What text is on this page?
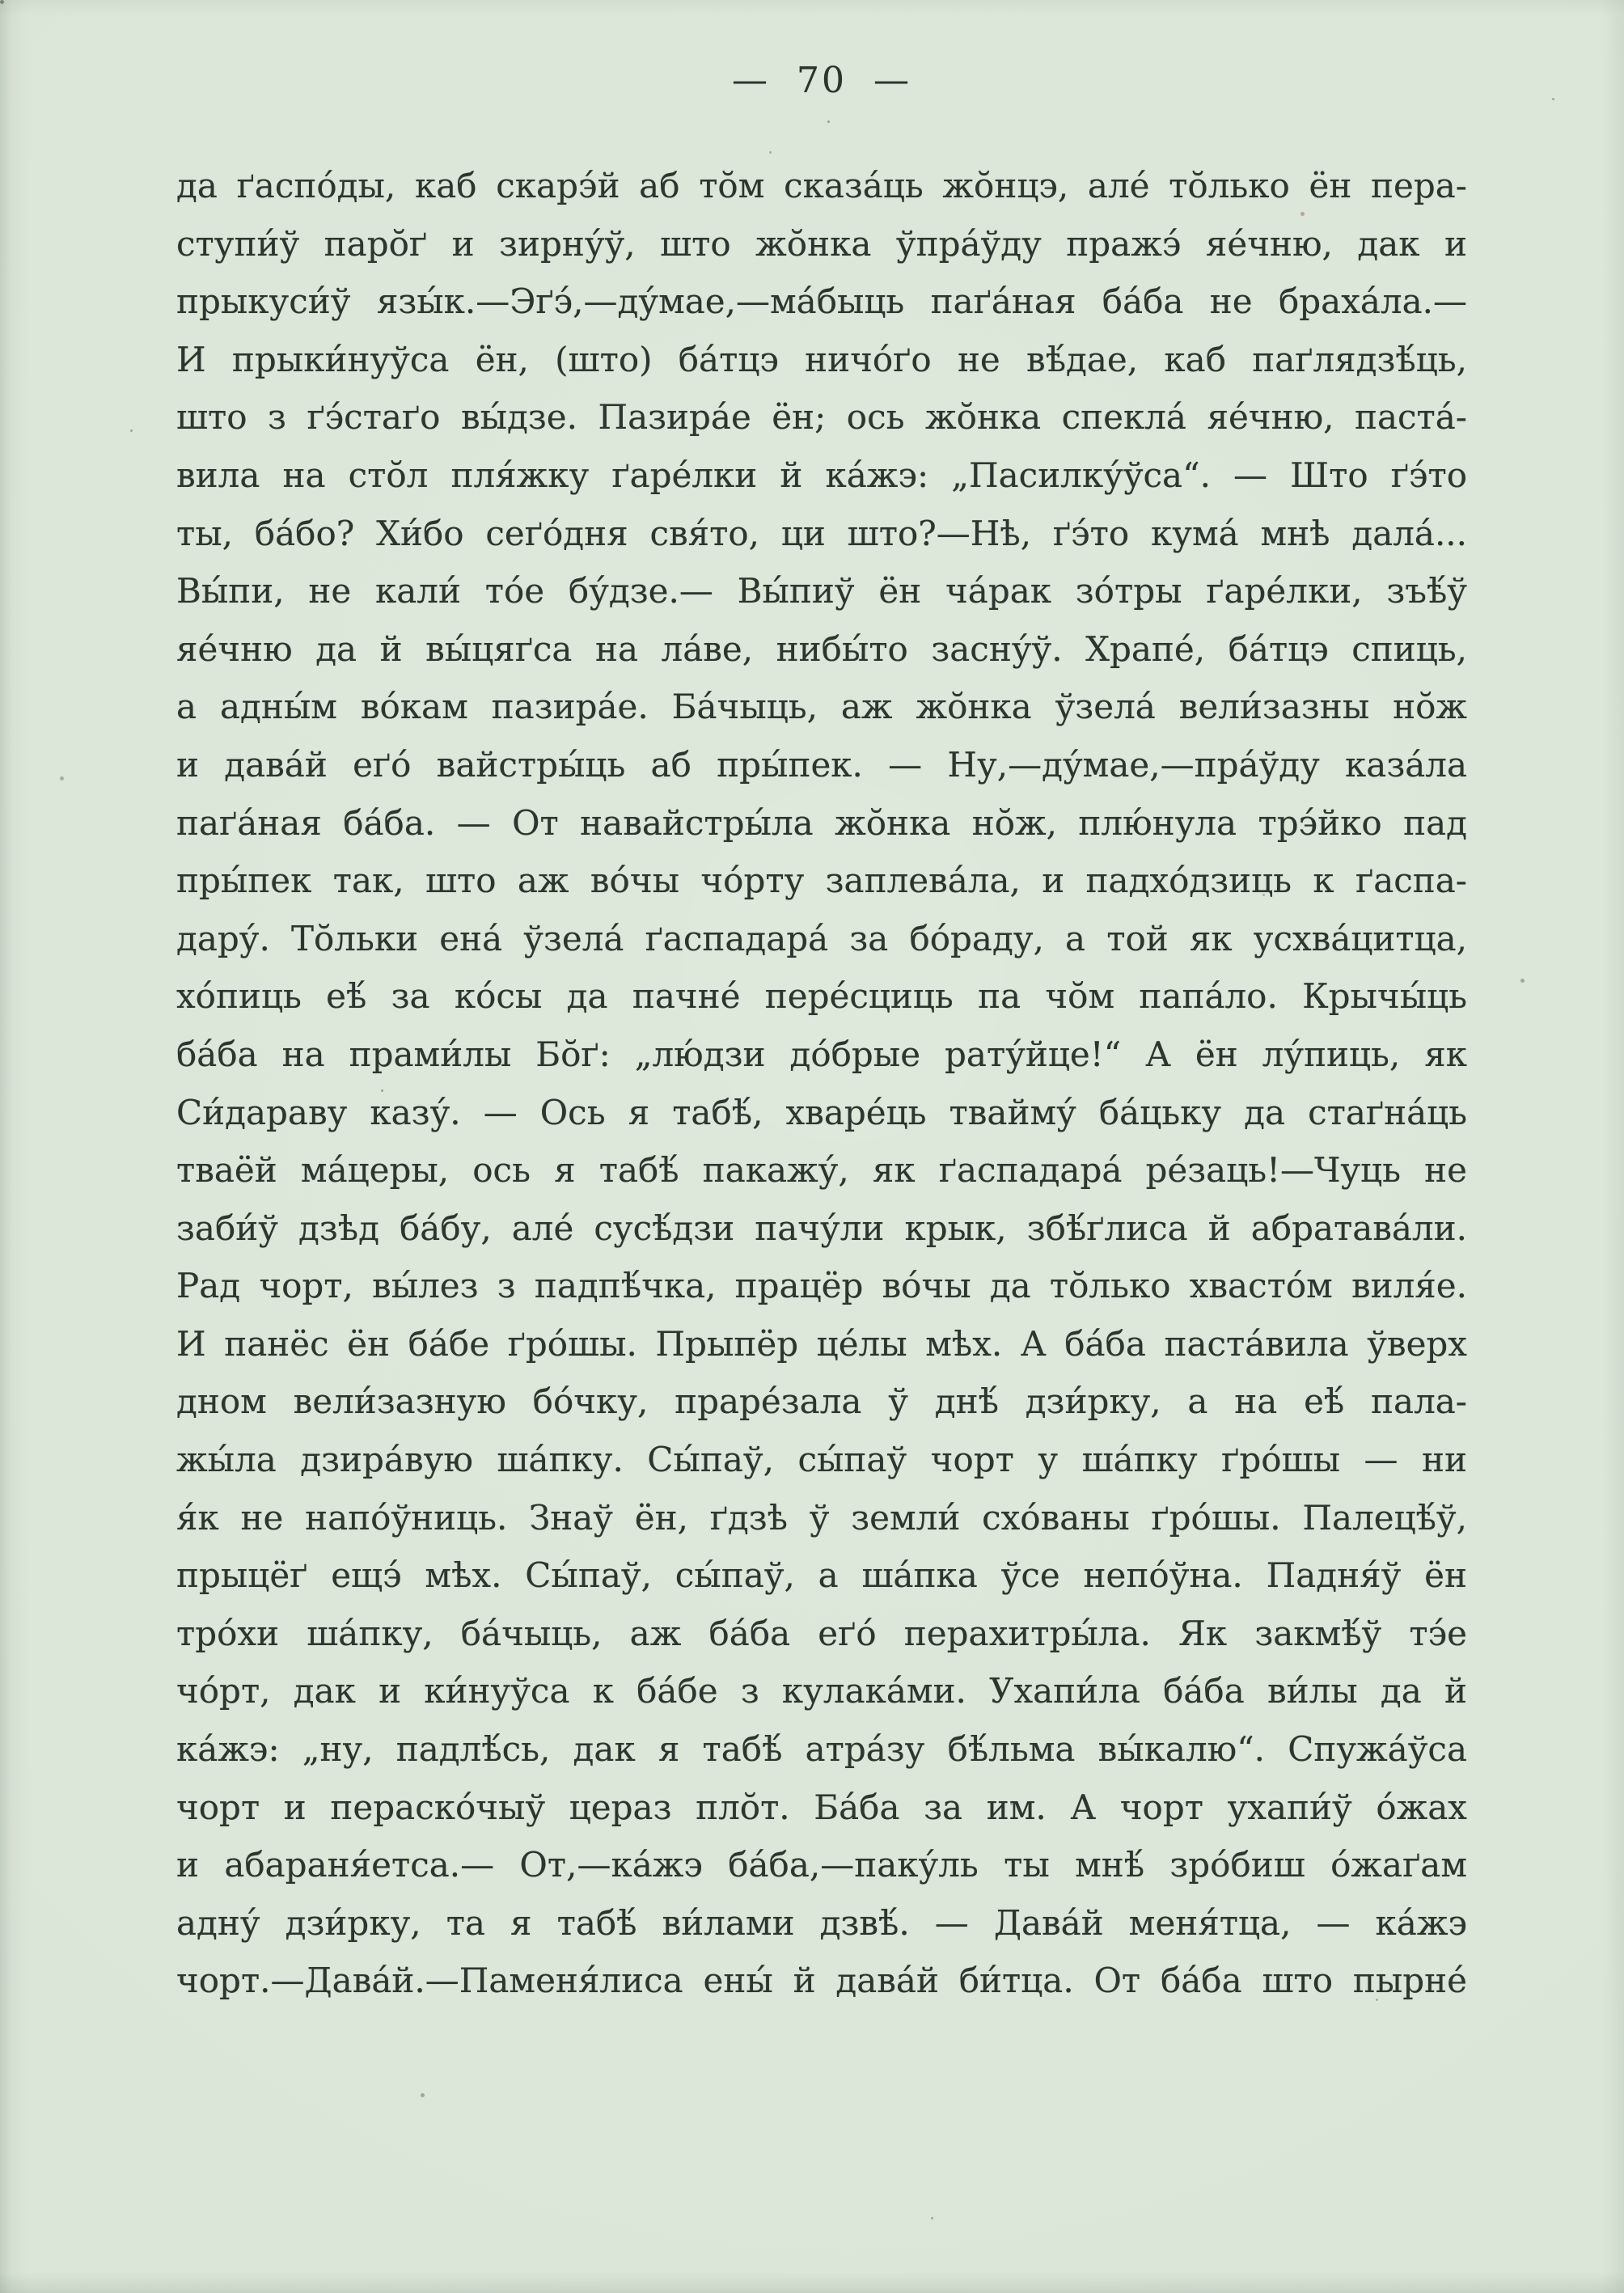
— 70 —
да ґаспо́ды, каб скарэ́й аб то̆м сказа́ць жо̆нцэ, але́ то̆лько ён пера-
ступи́ў паро̆ґ и зирну́ў, што жо̆нка ўпра́ўду пражэ́ яе́чню, дак и
прыкуси́ў язы́к.—Эґэ́,—ду́мае,—ма́быць паґа́ная ба́ба не браха́ла.—
И прыки́нуўса ён, (што) ба́тцэ ничо́ґо не вѣ́дае, каб паґлядзѣ́ць,
што з ґэ́стаґо вы́дзе. Пазира́е ён; ось жо̆нка спекла́ яе́чню, паста́-
вила на сто̆л пля́жку ґаре́лки й ка́жэ: „Пасилку́ўса“. — Што ґэ́то
ты, ба́бо? Хи́бо сеґо́дня свя́то, ци што?—Нѣ, ґэ́то кума́ мнѣ дала́...
Вы́пи, не кали́ то́е бу́дзе.— Вы́пиў ён ча́рак зо́тры ґаре́лки, зъѣ́ў
яе́чню да й вы́цяґса на ла́ве, нибы́то засну́ў. Храпе́, ба́тцэ спиць,
а адны́м во́кам пазира́е. Ба́чыць, аж жо̆нка ўзела́ вели́зазны но̆ж
и дава́й еґо́ вайстры́ць аб пры́пек. — Ну,—ду́мае,—пра́ўду каза́ла
паґа́ная ба́ба. — От навайстры́ла жо̆нка но̆ж, плю́нула трэ́йко пад
пры́пек так, што аж во́чы чо́рту заплева́ла, и падхо́дзиць к ґаспа-
дару́. То̆льки ена́ ўзела́ ґаспадара́ за бо́раду, а той як усхва́цитца,
хо́пиць еѣ́ за ко́сы да пачне́ пере́сциць па чо̆м папа́ло. Крычы́ць
ба́ба на прами́лы Бо̆ґ: „лю́дзи до́брые рату́йце!“ А ён лу́пиць, як
Си́дараву казу́. — Ось я табѣ́, хваре́ць твайму́ ба́цьку да стаґна́ць
тваёй ма́церы, ось я табѣ́ пакажу́, як ґаспадара́ ре́заць!—Чуць не
заби́ў дзѣд ба́бу, але́ сусѣ́дзи пачу́ли крык, збѣ́ґлиса й абратава́ли.
Рад чорт, вы́лез з падпѣ́чка, працёр во́чы да то̆лько хвасто́м виля́е.
И панёс ён ба́бе ґро́шы. Прыпёр це́лы мѣх. А ба́ба паста́вила ўверх
дном вели́зазную бо́чку, праре́зала ў днѣ́ дзи́рку, а на еѣ́ пала-
жы́ла дзира́вую ша́пку. Сы́паў, сы́паў чорт у ша́пку ґро́шы — ни
я́к не напо́ўниць. Знаў ён, ґдзѣ ў земли́ схо́ваны ґро́шы. Палецѣ́ў,
прыцёґ ещэ́ мѣх. Сы́паў, сы́паў, а ша́пка ўсе непо́ўна. Падня́ў ён
тро́хи ша́пку, ба́чыць, аж ба́ба еґо́ перахитры́ла. Як закмѣ́ў тэ́е
чо́рт, дак и ки́нуўса к ба́бе з кулака́ми. Ухапи́ла ба́ба ви́лы да й
ка́жэ: „ну, падлѣ́сь, дак я табѣ́ атра́зу бѣ́льма вы́калю“. Спужа́ўса
чорт и пераско́чыў цераз пло̆т. Ба́ба за им. А чорт ухапи́ў о́жах
и абараня́етса.— От,—ка́жэ ба́ба,—паку́ль ты мнѣ́ зро́биш о́жаґам
адну́ дзи́рку, та я табѣ́ ви́лами дзвѣ́. — Дава́й меня́тца, — ка́жэ
чорт.—Дава́й.—Паменя́лиса ены́ й дава́й би́тца. От ба́ба што пырне́
